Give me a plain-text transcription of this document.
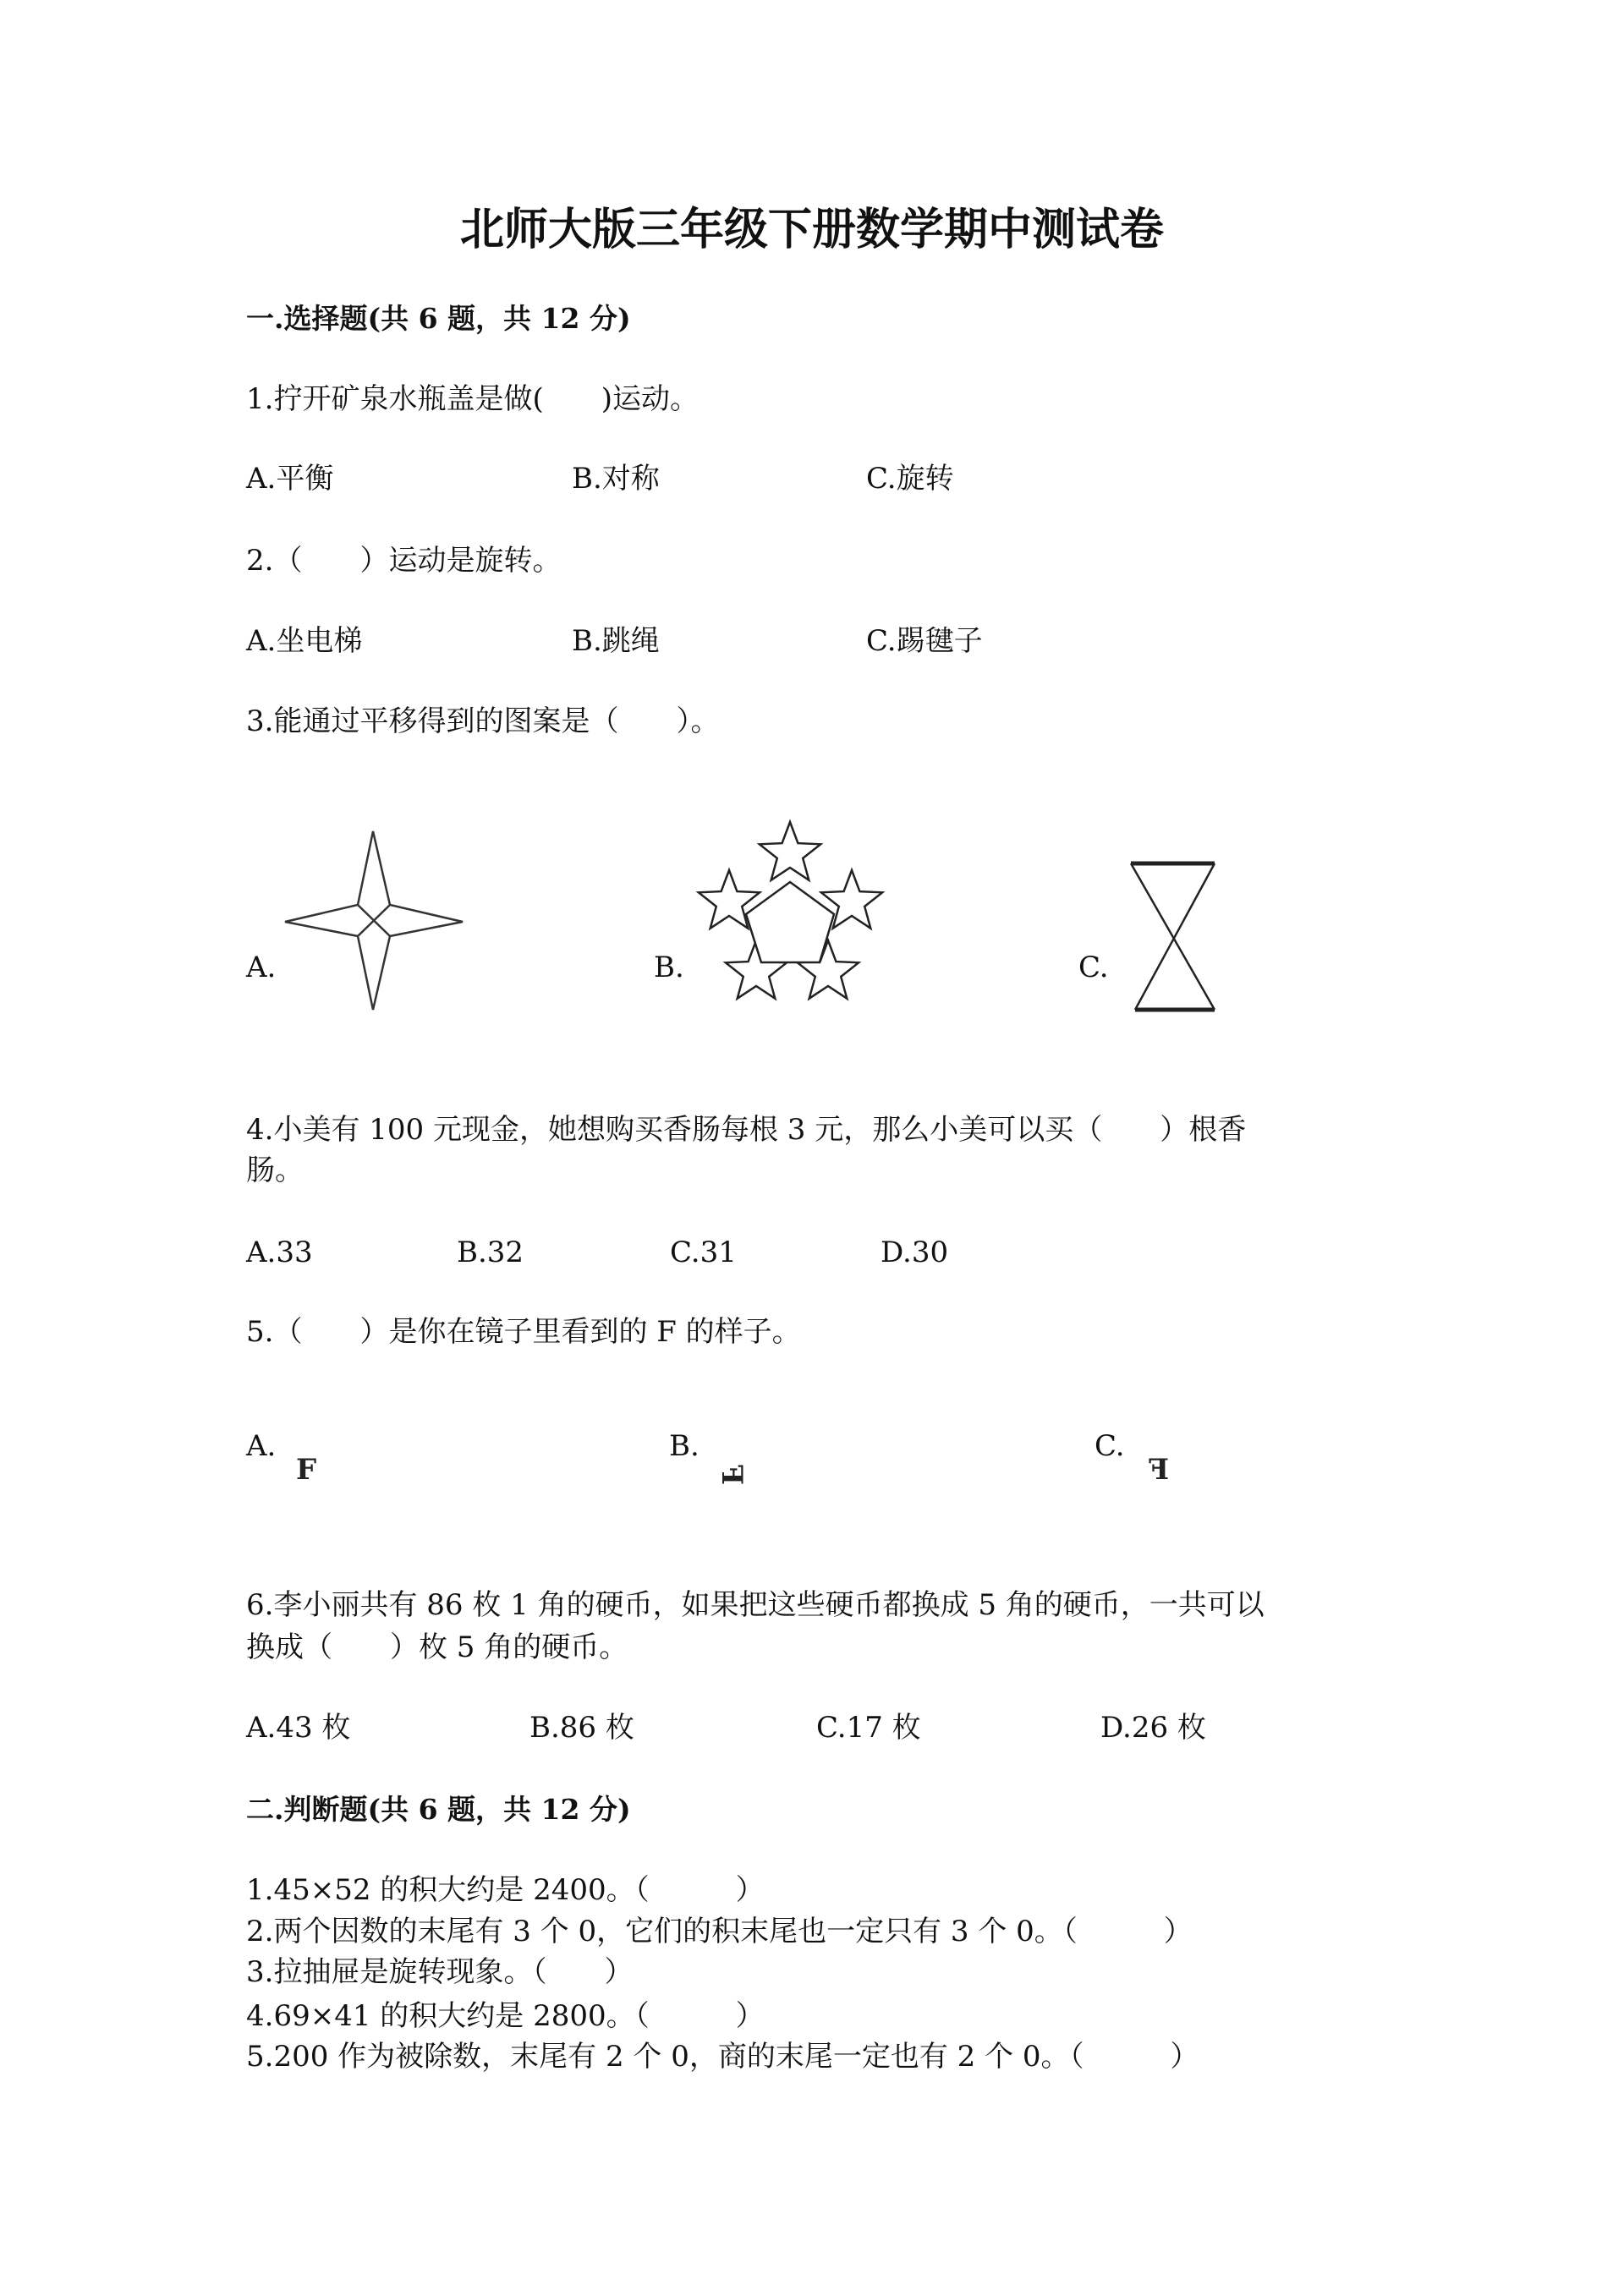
北师大版三年级下册数学期中测试卷
一.选择题(共 6 题，共 12 分)
1.拧开矿泉水瓶盖是做(　　)运动。
A.平衡	B.对称	C.旋转
2.（　　）运动是旋转。
A.坐电梯	B.跳绳	C.踢毽子
3.能通过平移得到的图案是（　　）。
A.	B.	C.
4.小美有 100 元现金，她想购买香肠每根 3 元，那么小美可以买（　　）根香
肠。
A.33	B.32	C.31	D.30
5.（　　）是你在镜子里看到的 F 的样子。
A.	B.	C.
F	F	F
6.李小丽共有 86 枚 1 角的硬币，如果把这些硬币都换成 5 角的硬币，一共可以
换成（　　）枚 5 角的硬币。
A.43 枚	B.86 枚	C.17 枚	D.26 枚
二.判断题(共 6 题，共 12 分)
1.45×52 的积大约是 2400。（　　　）
2.两个因数的末尾有 3 个 0，它们的积末尾也一定只有 3 个 0。（　　　）
3.拉抽屉是旋转现象。（　　）
4.69×41 的积大约是 2800。（　　　）
5.200 作为被除数，末尾有 2 个 0，商的末尾一定也有 2 个 0。（　　　）
